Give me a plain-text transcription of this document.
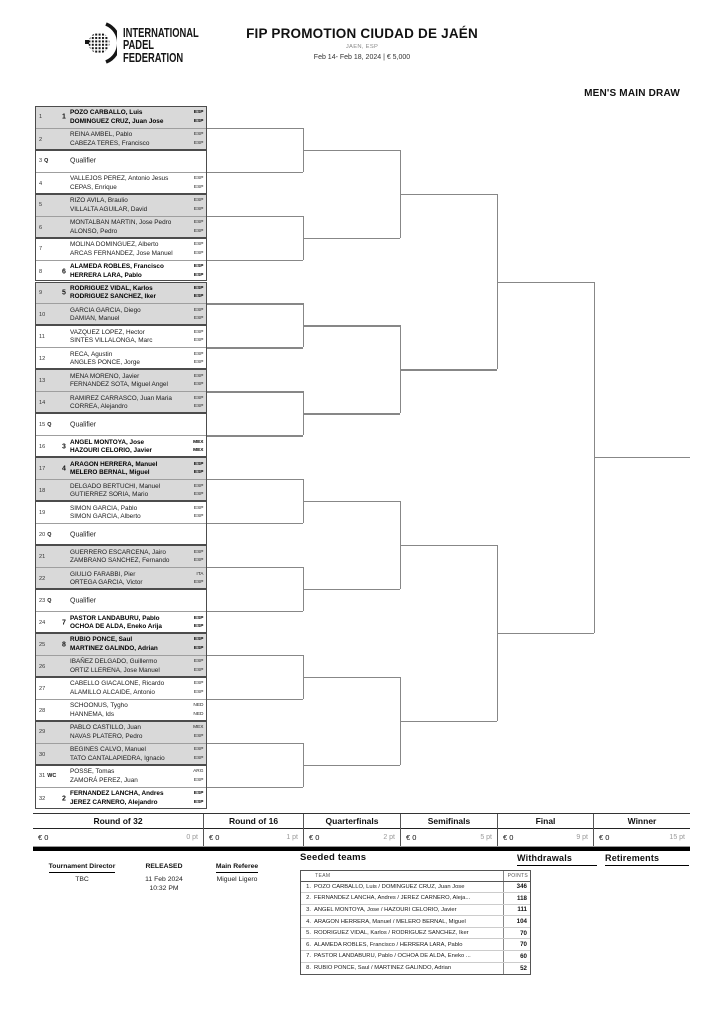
INTERNATIONAL
PADEL
FEDERATION
FIP PROMOTION CIUDAD DE JAÉN
JAEN, ESP
Feb 14- Feb 18, 2024 | € 5,000
MEN'S MAIN DRAW
1	1
POZO CARBALLO, Luis
DOMINGUEZ CRUZ, Juan Jose
ESP
ESP
2
REINA AMBEL, Pablo
CABEZA TERES, Francisco
ESP
ESP
3 Q	Qualifier
4
VALLEJOS PEREZ, Antonio Jesus
CEPAS, Enrique
ESP
ESP
5
RIZO AVILA, Braulio
VILLALTA AGUILAR, David
ESP
ESP
6
MONTALBAN MARTIN, Jose Pedro
ALONSO, Pedro
ESP
ESP
7
MOLINA DOMINGUEZ, Alberto
ARCAS FERNANDEZ, Jose Manuel
ESP
ESP
8	6
ALAMEDA ROBLES, Francisco
HERRERA LARA, Pablo
ESP
ESP
9	5
RODRIGUEZ VIDAL, Karlos
RODRIGUEZ SANCHEZ, Iker
ESP
ESP
10
GARCIA GARCIA, Diego
DAMIAN, Manuel
ESP
ESP
11
VAZQUEZ LOPEZ, Hector
SINTES VILLALONGA, Marc
ESP
ESP
12
RECA, Agustin
ANGLES PONCE, Jorge
ESP
ESP
13
MENA MORENO, Javier
FERNANDEZ SOTA, Miguel Angel
ESP
ESP
14
RAMIREZ CARRASCO, Juan Maria
CORREA, Alejandro
ESP
ESP
15 Q	Qualifier
16 3
ANGEL MONTOYA, Jose
HAZOURI CELORIO, Javier
MEX
MEX
17 4
ARAGON HERRERA, Manuel
MELERO BERNAL, Miguel
ESP
ESP
18
DELGADO BERTUCHI, Manuel
GUTIERREZ SORIA, Mario
ESP
ESP
19
SIMON GARCIA, Pablo
SIMON GARCIA, Alberto
ESP
ESP
20 Q	Qualifier
21
GUERRERO ESCARCENA, Jairo
ZAMBRANO SANCHEZ, Fernando
ESP
ESP
22
GIULIO FARABBI, Pier
ORTEGA GARCIA, Victor
ITA
ESP
23 Q	Qualifier
24 7
PASTOR LANDABURU, Pablo
OCHOA DE ALDA, Eneko Arija
ESP
ESP
25 8
RUBIO PONCE, Saul
MARTINEZ GALINDO, Adrian
ESP
ESP
26
IBAÑEZ DELGADO, Guillermo
ORTIZ LLERENA, Jose Manuel
ESP
ESP
27
CABELLO GIACALONE, Ricardo
ALAMILLO ALCAIDE, Antonio
ESP
ESP
28
SCHOONUS, Tygho
HANNEMA, Ids
NED
NED
29
PABLO CASTILLO, Juan
NAVAS PLATERO, Pedro
MEX
ESP
30
BEGINES CALVO, Manuel
TATO CANTALAPIEDRA, Ignacio
ESP
ESP
31 WC
POSSE, Tomas
ZAMORÁ PEREZ, Juan
ARG
ESP
32 2
FERNANDEZ LANCHA, Andres
JEREZ CARNERO, Alejandro
ESP
ESP
Round of 32
€ 0	0 pt
Round of 16
€ 0	1 pt
Quarterfinals
€ 0	2 pt
Semifinals
€ 0	5 pt
Final
€ 0	9 pt
Winner
€ 0	15 pt
Tournament Director
TBC
RELEASED
11 Feb 2024
10:32 PM
Main Referee
Miguel Ligero
Seeded teams
TEAM	POINTS
1. POZO CARBALLO, Luis / DOMINGUEZ CRUZ, Juan Jose	346
2. FERNANDEZ LANCHA, Andres / JEREZ CARNERO, Aleja...	118
3. ANGEL MONTOYA, Jose / HAZOURI CELORIO, Javier	111
4. ARAGON HERRERA, Manuel / MELERO BERNAL, Miguel	104
5. RODRIGUEZ VIDAL, Karlos / RODRIGUEZ SANCHEZ, Iker	70
6. ALAMEDA ROBLES, Francisco / HERRERA LARA, Pablo	70
7. PASTOR LANDABURU, Pablo / OCHOA DE ALDA, Eneko ...	60
8. RUBIO PONCE, Saul / MARTINEZ GALINDO, Adrian	52
Withdrawals	Retirements
